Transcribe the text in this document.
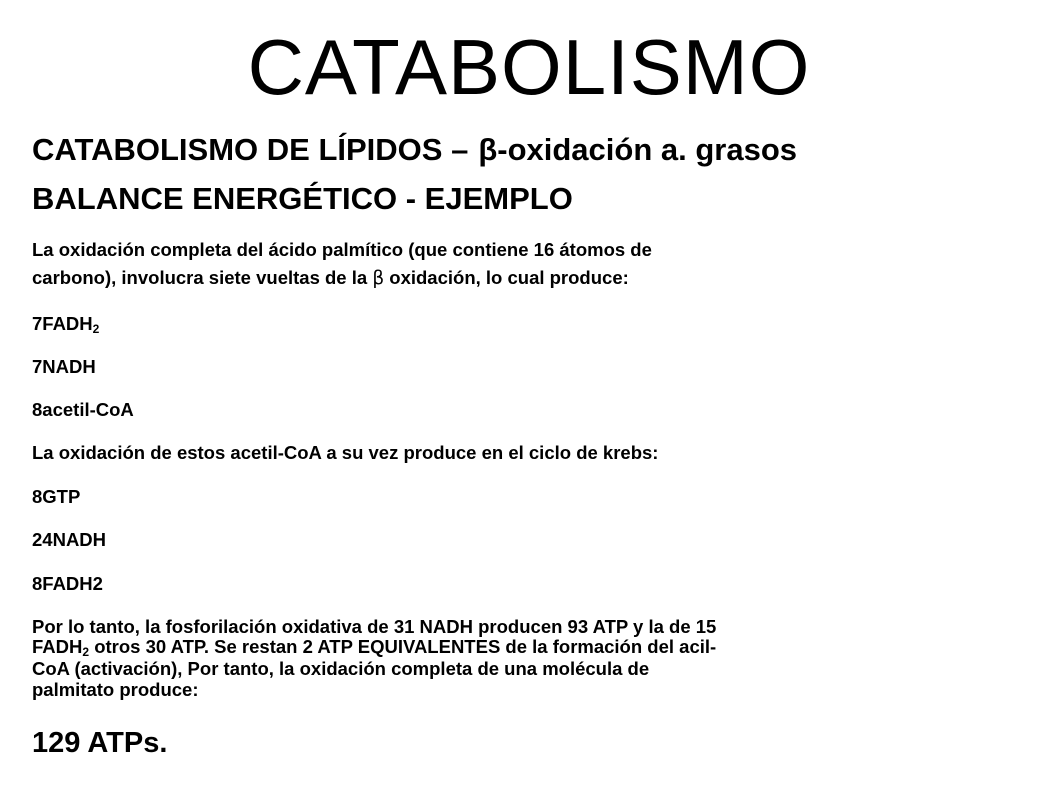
CATABOLISMO
CATABOLISMO DE LÍPIDOS – β-oxidación a. grasos
BALANCE ENERGÉTICO - EJEMPLO
La oxidación completa del ácido palmítico (que contiene 16 átomos de
carbono), involucra siete vueltas de la β oxidación, lo cual produce:
7FADH2
7NADH
8acetil-CoA
La oxidación de estos acetil-CoA a su vez produce en el ciclo de krebs:
8GTP
24NADH
8FADH2
Por lo tanto, la fosforilación oxidativa de 31 NADH producen 93 ATP y la de 15
FADH2 otros 30 ATP. Se restan 2 ATP EQUIVALENTES de la formación del acil-
CoA (activación), Por tanto, la oxidación completa de una molécula de
palmitato produce:
129 ATPs.
